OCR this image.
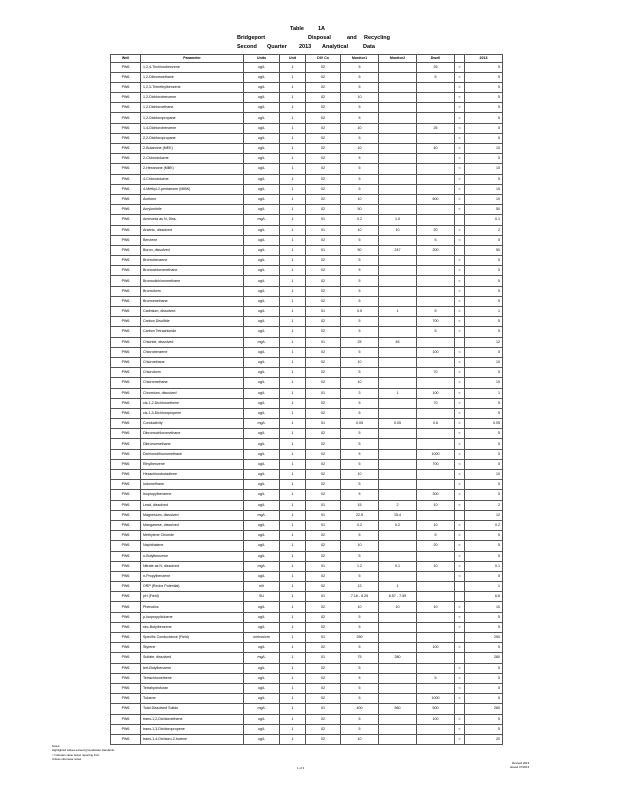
Table	1A
Bridgeport	Disposal	and Recycling
Second Quarter 2013 Analytical	Data
Well	Parameter	Units	Unit	DIV Co	Monitor1	Monitor2	Dwell		2013
PW6	1,2,4-Trichlorobenzene	ug/L	1	02	5		25	<	5
PW6	1,2-Dibromoethane	ug/L	1	02	5		5	<	5
PW6	1,2,3-Trimethylbenzene	ug/L	1	02	5			<	5
PW6	1,2-Dichlorobenzene	ug/L	1	02	10			<	5
PW6	1,2-Dichloroethane	ug/L	1	02	5			<	5
PW6	1,2-Dichloropropane	ug/L	1	02	5			<	5
PW6	1,4-Dichlorobenzene	ug/L	1	02	10		25	<	5
PW6	2,2-Dichloropropane	ug/L	1	02	5			<	5
PW6	2-Butanone (MEK)	ug/L	1	02	10		40	<	10
PW6	2-Chlorotoluene	ug/L	1	02	5			<	5
PW6	2-Hexanone (MBK)	ug/L	1	02	5			<	10
PW6	4-Chlorotoluene	ug/L	1	02	5			<	5
PW6	4-Methyl-2-pentanone (MIBK)	ug/L	1	02	5			<	10
PW6	Acetone	ug/L	1	02	10		600	<	10
PW6	Acrylonitrile	ug/L	1	02	50			<	50
PW6	Ammonia as N, Diss.	mg/L	1	01	0.2	1.0			0.1
PW6	Arsenic, dissolved	ug/L	1	01	10	10	20	<	2
PW6	Benzene	ug/L	1	02	5		5	<	5
PW6	Boron, dissolved	ug/L	1	01	50	247	200		50
PW6	Bromobenzene	ug/L	1	02	5			<	5
PW6	Bromochloromethane	ug/L	1	02	5			<	5
PW6	Bromodichloromethane	ug/L	1	02	5			<	5
PW6	Bromoform	ug/L	1	02	5			<	5
PW6	Bromomethane	ug/L	1	02	5			<	5
PW6	Cadmium, dissolved	ug/L	1	01	0.5	1	5	<	1
PW6	Carbon Disulfide	ug/L	1	02	5		700	<	5
PW6	Carbon Tetrachloride	ug/L	1	02	5		5	<	5
PW6	Chloride, dissolved	mg/L	1	01	25	45			12
PW6	Chlorobenzene	ug/L	1	02	5		100	<	5
PW6	Chloroethane	ug/L	1	02	10			<	10
PW6	Chloroform	ug/L	1	02	5		70	<	5
PW6	Chloromethane	ug/L	1	02	10			<	10
PW6	Chromium, dissolved	ug/L	1	01	3	1	100	<	1
PW6	cis-1,2-Dichloroethene	ug/L	1	02	5		70	<	5
PW6	cis-1,3-Dichloropropene	ug/L	1	02	5			<	5
PW6	Conductivity	mg/L	1	01	0.05	0.05	0.6	<	0.05
PW6	Dibromochloromethane	ug/L	1	02	5			<	5
PW6	Dibromomethane	ug/L	1	02	5			<	5
PW6	Dichlorodifluoromethane	ug/L	1	02	5		1000	<	5
PW6	Ethylbenzene	ug/L	1	02	5		700	<	5
PW6	Hexachlorobutadiene	ug/L	1	02	10			<	10
PW6	Iodomethane	ug/L	1	02	5			<	5
PW6	Isopropylbenzene	ug/L	1	02	5		300	<	5
PW6	Lead, dissolved	ug/L	1	01	15	2	10	<	2
PW6	Magnesium, dissolved	mg/L	1	01	22.5	15.4			12
PW6	Manganese, dissolved	ug/L	1	01	0.2	0.2	10	<	0.2
PW6	Methylene Chloride	ug/L	1	02	5		5	<	5
PW6	Naphthalene	ug/L	1	02	10		20	<	5
PW6	n-Butylbenzene	ug/L	1	02	5			<	5
PW6	Nitrate as N, dissolved	mg/L	1	01	1.2	0.1	10	<	0.1
PW6	n-Propylbenzene	ug/L	1	02	5			<	5
PW6	ORP (Redox Potential)	mV	1	02	13	1			1
PW6	pH (Field)	SU	1	01	7.16 - 8.25	6.57 - 7.59			6.6
PW6	Phenolics	ug/L	1	02	10	10	10	<	10
PW6	p-Isopropyltoluene	ug/L	1	02	5			<	5
PW6	sec-Butylbenzene	ug/L	1	02	5			<	5
PW6	Specific Conductance (Field)	umhos/cm	1	01	250				250
PW6	Styrene	ug/L	1	02	5		100	<	5
PW6	Sulfate, dissolved	mg/L	1	01	75	280			280
PW6	tert-Butylbenzene	ug/L	1	02	5			<	5
PW6	Tetrachloroethene	ug/L	1	02	5		5	<	5
PW6	Tetrahydrofuran	ug/L	1	02	5			<	5
PW6	Toluene	ug/L	1	02	5		1000	<	5
PW6	Total Dissolved Solids	mg/L	1	01	400	560	500		280
PW6	trans-1,2-Dichloroethene	ug/L	1	02	5		100	<	5
PW6	trans-1,3-Dichloropropene	ug/L	1	02	5			<	5
PW6	trans-1,4-Dichloro-2-butene	ug/L	1	02	10			<	20
Notes:
Highlighted values exceed groundwater standards.
< Indicates value below reporting limit.
Unless otherwise noted.
1 of 3
Revised 2013
Issued 07/2013
